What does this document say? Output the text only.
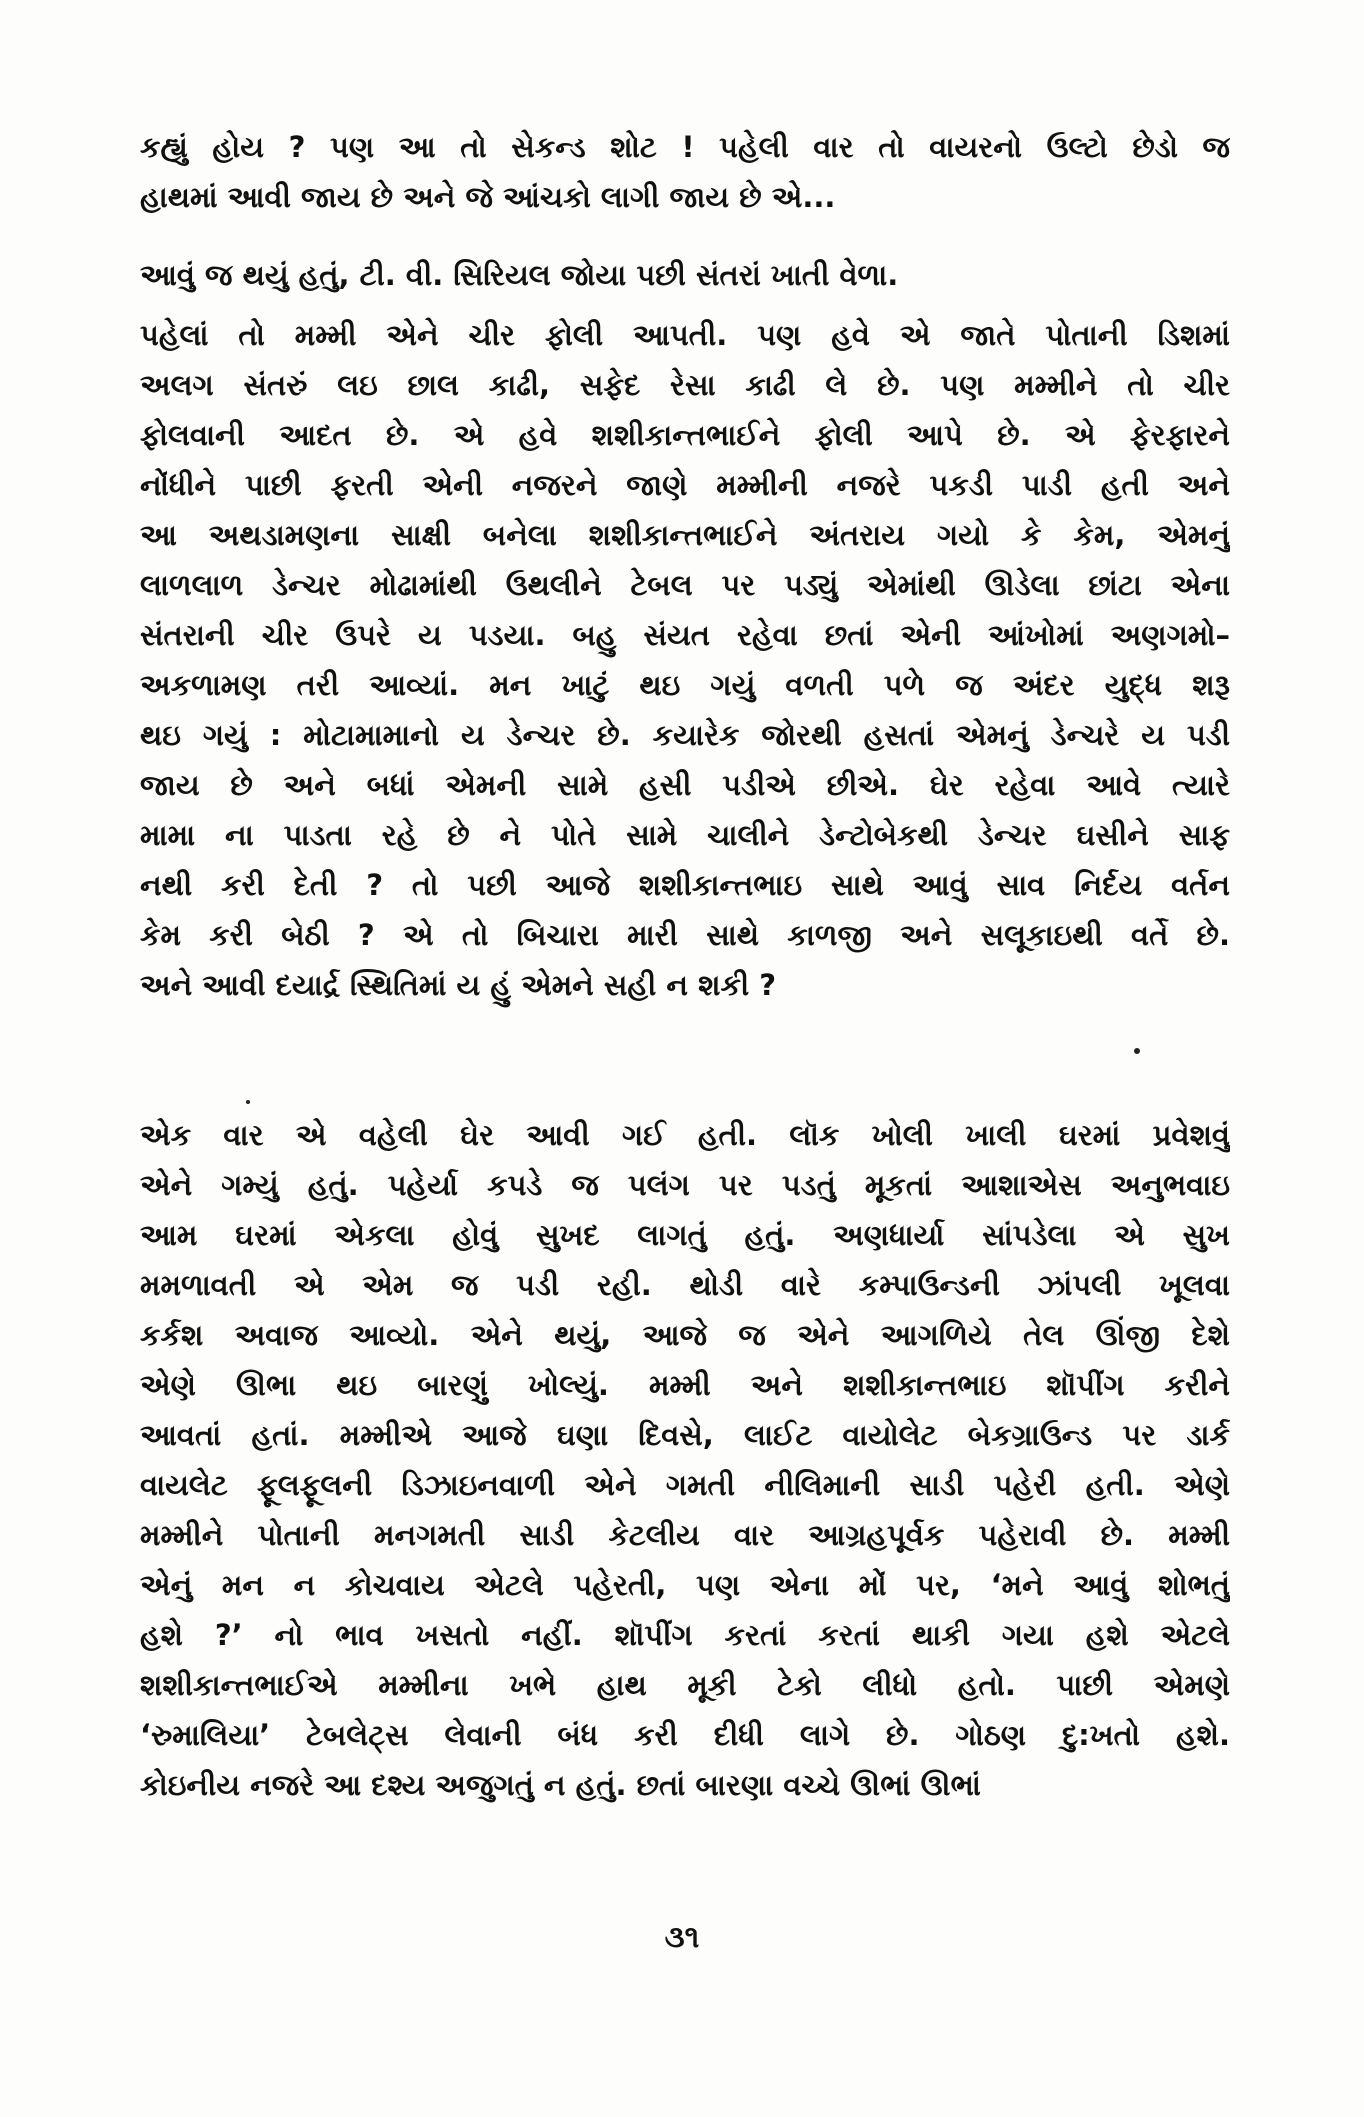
કહ્યું હોય ? પણ આ તો સેકન્ડ શોટ ! પહેલી વાર તો વાયરનો ઉલ્ટો છેડો જ
હાથમાં આવી જાય છે અને જે આંચકો લાગી જાય છે એ...
આવું જ થયું હતું, ટી. વી. સિરિયલ જોયા પછી સંતરાં ખાતી વેળા.
પહેલાં તો મમ્મી એને ચીર ફોલી આપતી. પણ હવે એ જાતે પોતાની ડિશમાં
અલગ સંતરું લઇ છાલ કાઢી, સફેદ રેસા કાઢી લે છે. પણ મમ્મીને તો ચીર
ફોલવાની આદત છે. એ હવે શશીકાન્તભાઈને ફોલી આપે છે. એ ફેરફારને
નોંધીને પાછી ફરતી એની નજરને જાણે મમ્મીની નજરે પકડી પાડી હતી અને
આ અથડામણના સાક્ષી બનેલા શશીકાન્તભાઈને અંતરાય ગયો કે કેમ, એમનું
લાળલાળ ડેન્ચર મોઢામાંથી ઉથલીને ટેબલ પર પડ્યું એમાંથી ઊડેલા છાંટા એના
સંતરાની ચીર ઉપરે ય પડયા. બહુ સંયત રહેવા છતાં એની આંખોમાં અણગમો–
અકળામણ તરી આવ્યાં. મન ખાટું થઇ ગયું વળતી પળે જ અંદર યુદ્ધ શરૂ
થઇ ગયું : મોટામામાનો ય ડેન્ચર છે. કયારેક જોરથી હસતાં એમનું ડેન્ચરે ય પડી
જાય છે અને બધાં એમની સામે હસી પડીએ છીએ. ઘેર રહેવા આવે ત્યારે
મામા ના પાડતા રહે છે ને પોતે સામે ચાલીને ડેન્ટોબેકથી ડેન્ચર ઘસીને સાફ
નથી કરી દેતી ? તો પછી આજે શશીકાન્તભાઇ સાથે આવું સાવ નિર્દય વર્તન
કેમ કરી બેઠી ? એ તો બિચારા મારી સાથે કાળજી અને સલૂકાઇથી વર્તે છે.
અને આવી દયાર્દ્ર સ્થિતિમાં ય હું એમને સહી ન શકી ?
એક વાર એ વહેલી ઘેર આવી ગઈ હતી. લૉક ખોલી ખાલી ઘરમાં પ્રવેશવું
એને ગમ્યું હતું. પહેર્યા કપડે જ પલંગ પર પડતું મૂકતાં આશાએસ અનુભવાઇ
આમ ઘરમાં એકલા હોવું સુખદ લાગતું હતું. અણધાર્યા સાંપડેલા એ સુખ
મમળાવતી એ એમ જ પડી રહી. થોડી વારે કમ્પાઉન્ડની ઝાંપલી ખૂલવા
કર્કશ અવાજ આવ્યો. એને થયું, આજે જ એને આગળિયે તેલ ઊંજી દેશે
એણે ઊભા થઇ બારણું ખોલ્યું. મમ્મી અને શશીકાન્તભાઇ શૉપીંગ કરીને
આવતાં હતાં. મમ્મીએ આજે ઘણા દિવસે, લાઈટ વાયોલેટ બેકગ્રાઉન્ડ પર ડાર્ક
વાયલેટ ફૂલફૂલની ડિઝાઇનવાળી એને ગમતી નીલિમાની સાડી પહેરી હતી. એણે
મમ્મીને પોતાની મનગમતી સાડી કેટલીય વાર આગ્રહપૂર્વક પહેરાવી છે. મમ્મી
એનું મન ન કોચવાય એટલે પહેરતી, પણ એના મોં પર, ‘મને આવું શોભતું
હશે ?’ નો ભાવ ખસતો નહીં. શૉપીંગ કરતાં કરતાં થાકી ગયા હશે એટલે
શશીકાન્તભાઈએ મમ્મીના ખભે હાથ મૂકી ટેકો લીધો હતો. પાછી એમણે
‘રુમાલિયા’ ટેબલેટ્સ લેવાની બંધ કરી દીધી લાગે છે. ગોઠણ દુ:ખતો હશે.
કોઇનીય નજરે આ દશ્ય અજુગતું ન હતું. છતાં બારણા વચ્ચે ઊભાં ઊભાં
૩૧
